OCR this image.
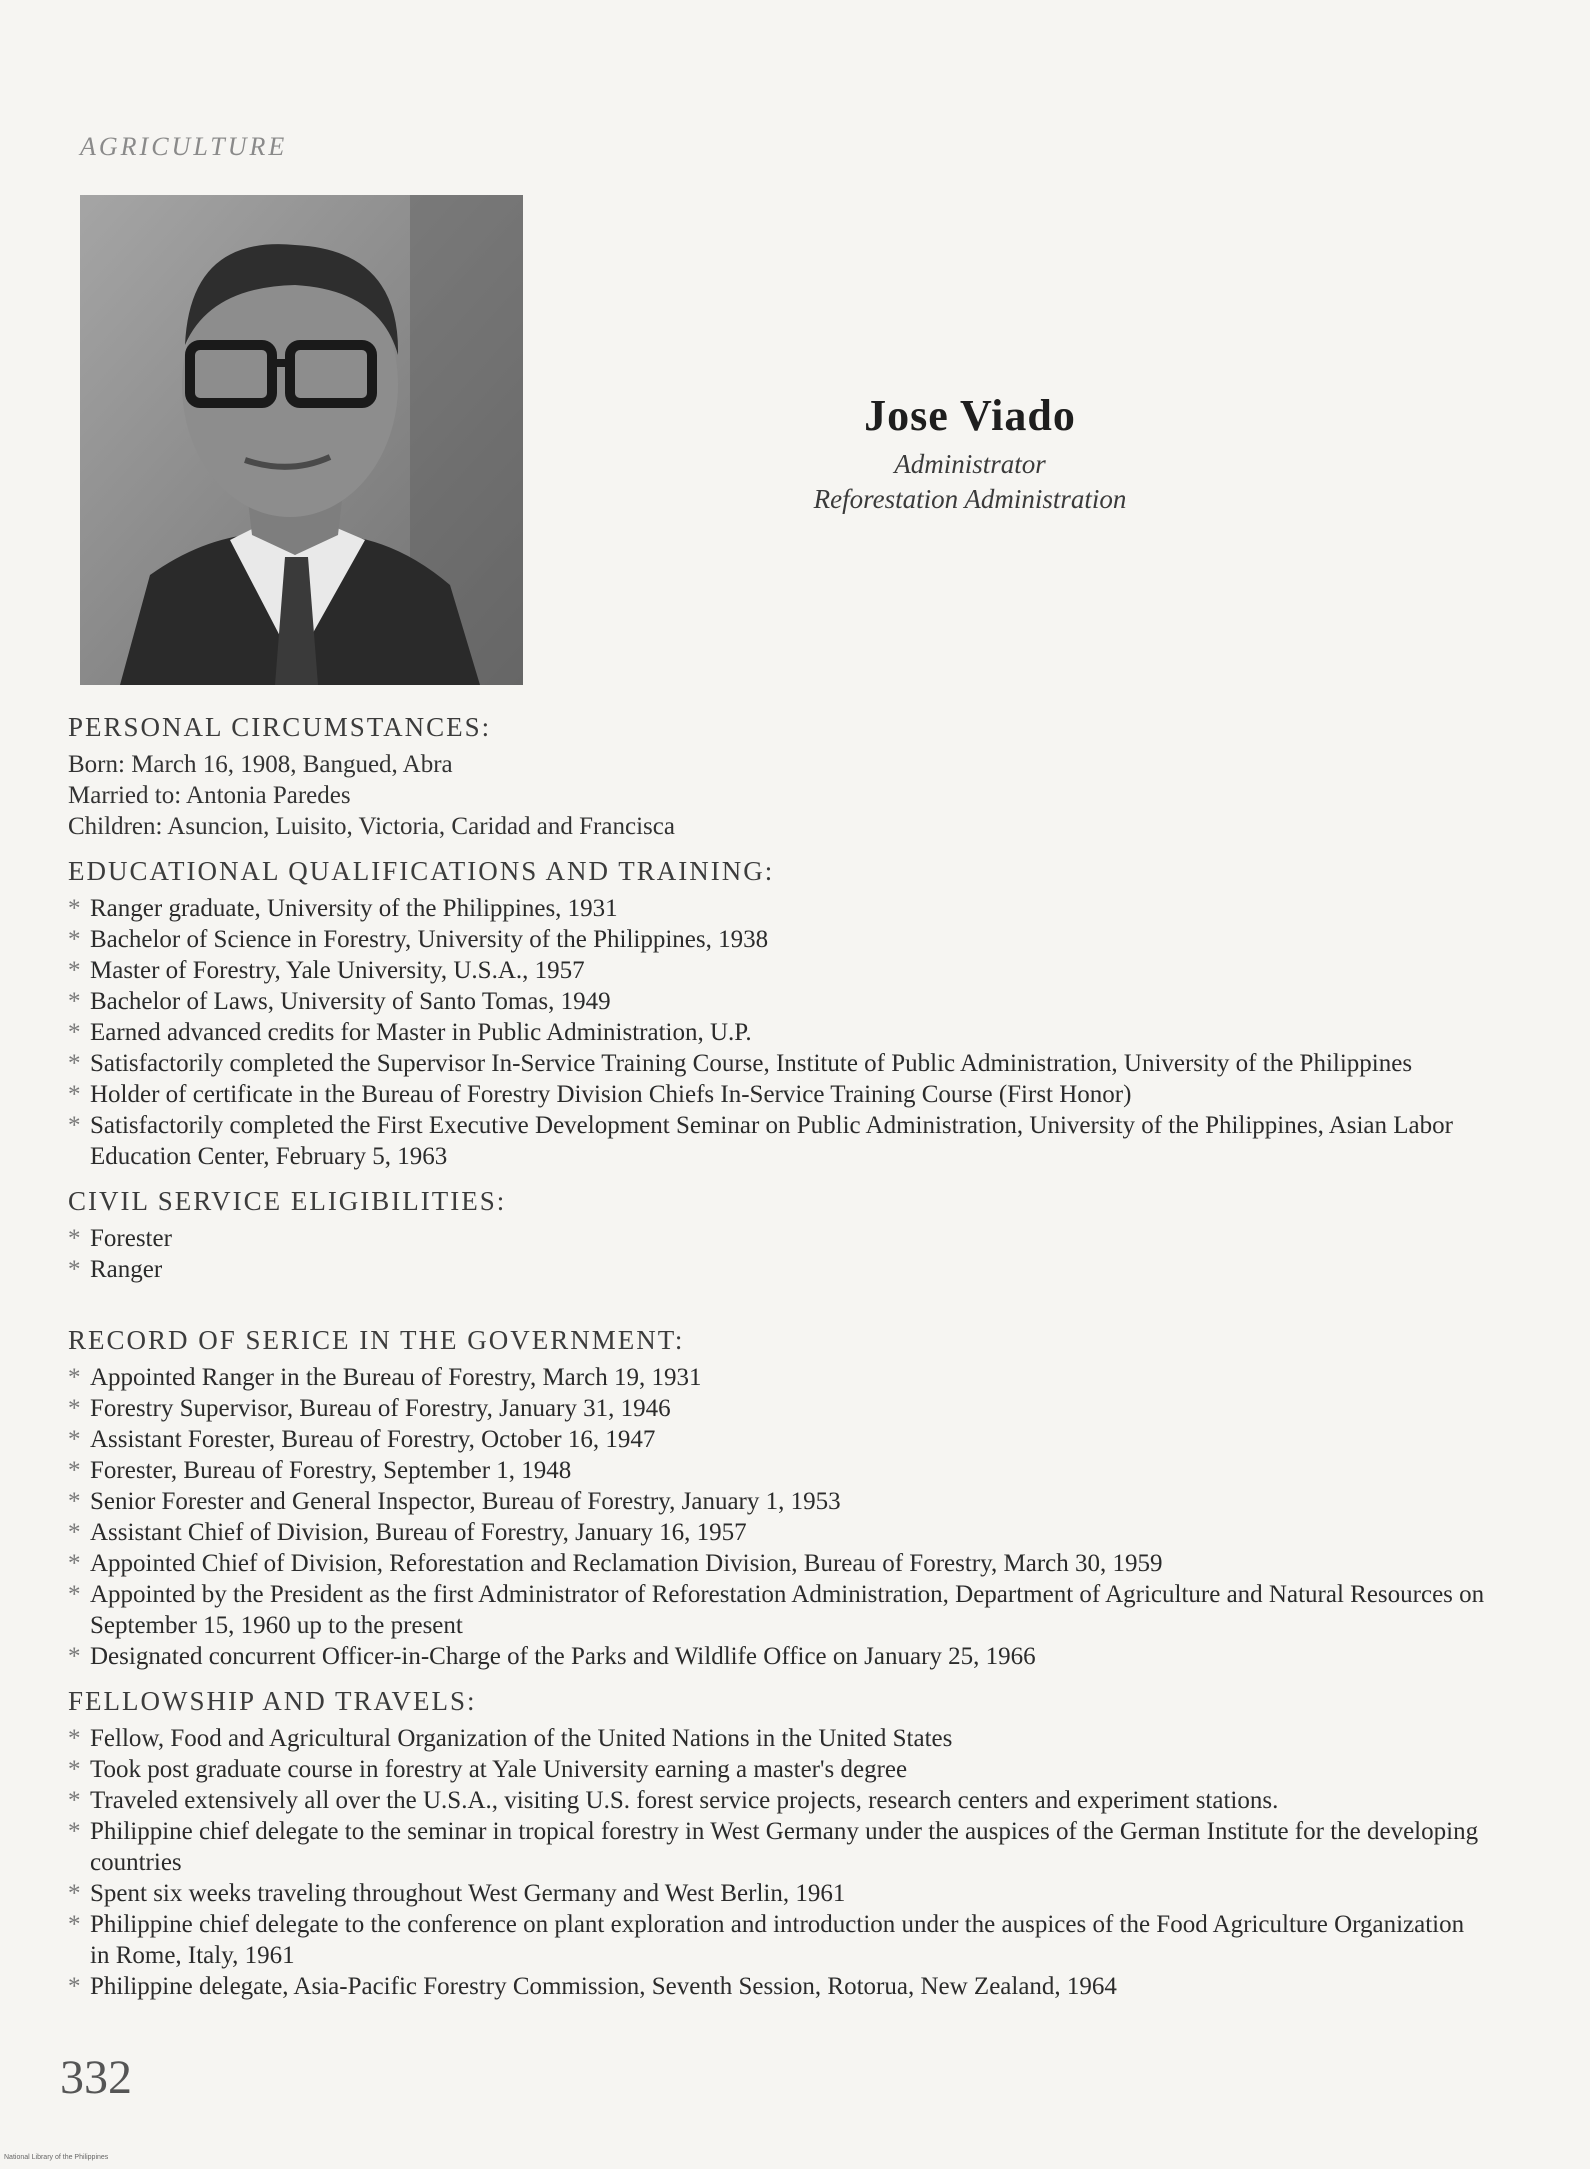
AGRICULTURE
Jose Viado
Administrator
Reforestation Administration
PERSONAL CIRCUMSTANCES:
Born: March 16, 1908, Bangued, Abra
Married to: Antonia Paredes
Children: Asuncion, Luisito, Victoria, Caridad and Francisca
EDUCATIONAL QUALIFICATIONS AND TRAINING:
* Ranger graduate, University of the Philippines, 1931
* Bachelor of Science in Forestry, University of the Philippines, 1938
* Master of Forestry, Yale University, U.S.A., 1957
* Bachelor of Laws, University of Santo Tomas, 1949
* Earned advanced credits for Master in Public Administration, U.P.
* Satisfactorily completed the Supervisor In-Service Training Course, Institute of Public Administration, University of the Philippines
* Holder of certificate in the Bureau of Forestry Division Chiefs In-Service Training Course (First Honor)
* Satisfactorily completed the First Executive Development Seminar on Public Administration, University of the Philippines, Asian Labor Education Center, February 5, 1963
CIVIL SERVICE ELIGIBILITIES:
* Forester
* Ranger
RECORD OF SERICE IN THE GOVERNMENT:
* Appointed Ranger in the Bureau of Forestry, March 19, 1931
* Forestry Supervisor, Bureau of Forestry, January 31, 1946
* Assistant Forester, Bureau of Forestry, October 16, 1947
* Forester, Bureau of Forestry, September 1, 1948
* Senior Forester and General Inspector, Bureau of Forestry, January 1, 1953
* Assistant Chief of Division, Bureau of Forestry, January 16, 1957
* Appointed Chief of Division, Reforestation and Reclamation Division, Bureau of Forestry, March 30, 1959
* Appointed by the President as the first Administrator of Reforestation Administration, Department of Agriculture and Natural Resources on September 15, 1960 up to the present
* Designated concurrent Officer-in-Charge of the Parks and Wildlife Office on January 25, 1966
FELLOWSHIP AND TRAVELS:
* Fellow, Food and Agricultural Organization of the United Nations in the United States
* Took post graduate course in forestry at Yale University earning a master's degree
* Traveled extensively all over the U.S.A., visiting U.S. forest service projects, research centers and experiment stations.
* Philippine chief delegate to the seminar in tropical forestry in West Germany under the auspices of the German Institute for the developing countries
* Spent six weeks traveling throughout West Germany and West Berlin, 1961
* Philippine chief delegate to the conference on plant exploration and introduction under the auspices of the Food Agriculture Organization in Rome, Italy, 1961
* Philippine delegate, Asia-Pacific Forestry Commission, Seventh Session, Rotorua, New Zealand, 1964
332
National Library of the Philippines
